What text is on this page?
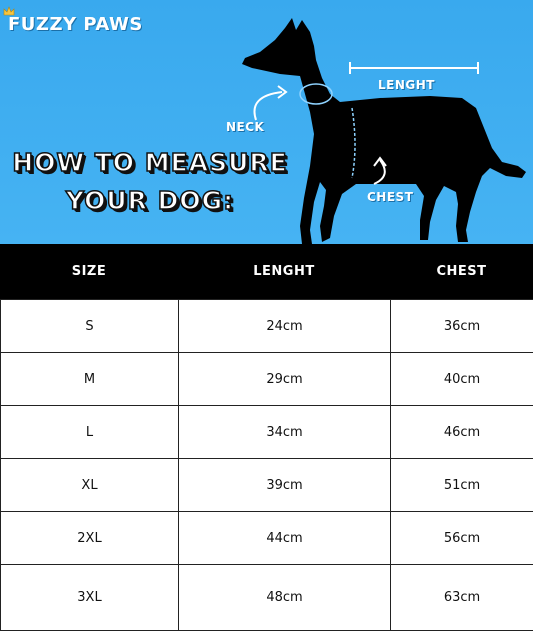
FUZZY PAWS
LENGHT
NECK
CHEST
HOW TO MEASURE
YOUR DOG:
SIZE	LENGHT	CHEST
S	24cm	36cm
M	29cm	40cm
L	34cm	46cm
XL	39cm	51cm
2XL	44cm	56cm
3XL	48cm	63cm
